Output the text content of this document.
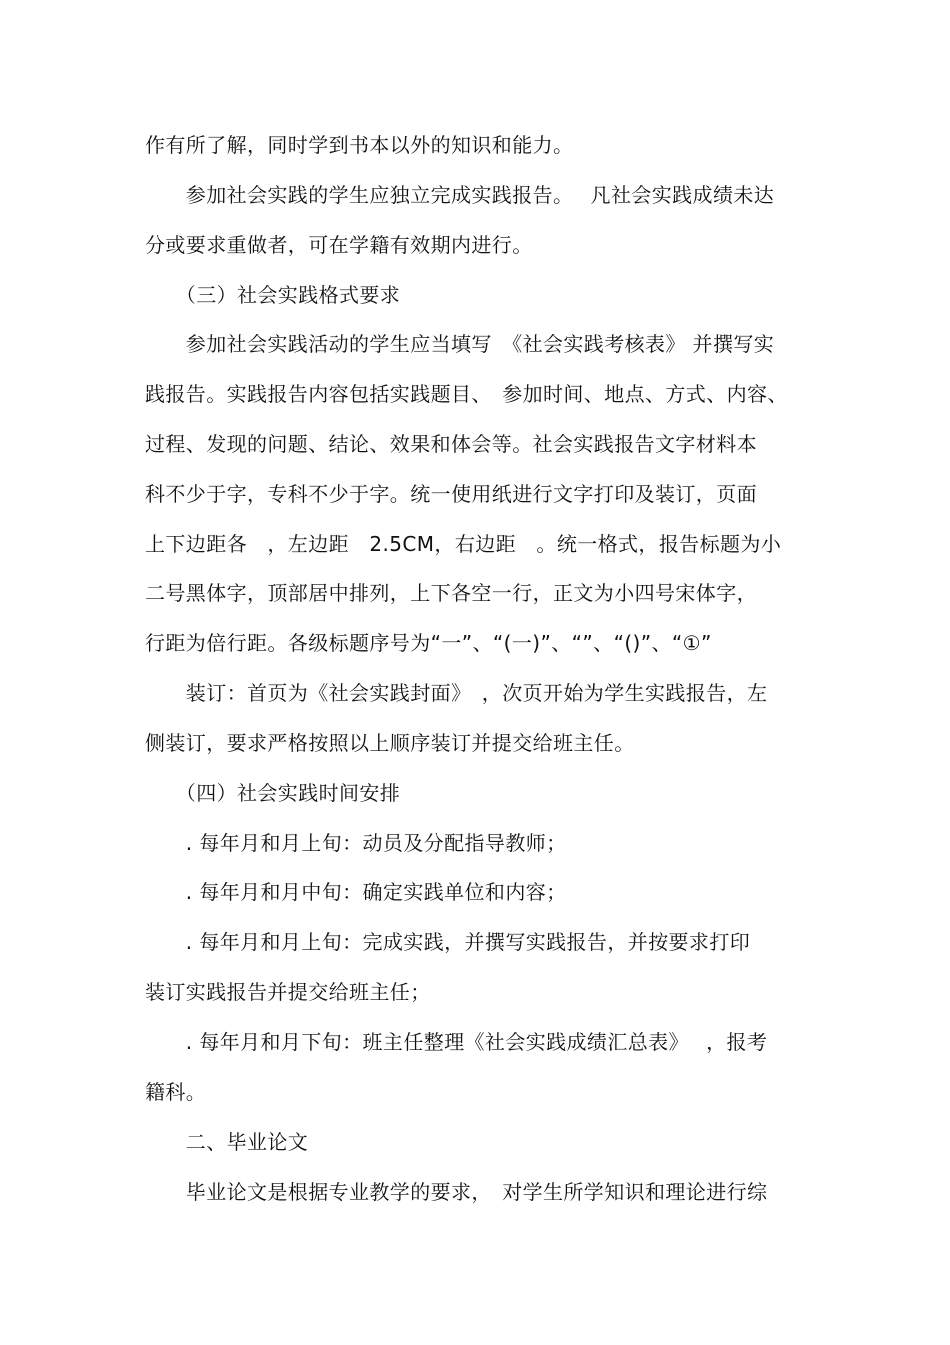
作有所了解，同时学到书本以外的知识和能力。
　　参加社会实践的学生应独立完成实践报告。　 凡社会实践成绩未达
分或要求重做者，可在学籍有效期内进行。
　　（三）社会实践格式要求
　　参加社会实践活动的学生应当填写　《社会实践考核表》 并撰写实
践报告。实践报告内容包括实践题目、　参加时间、地点、方式、内容、
过程、发现的问题、结论、效果和体会等。社会实践报告文字材料本
科不少于字，专科不少于字。统一使用纸进行文字打印及装订，页面
上下边距各　，左边距　2.5CM，右边距　。统一格式，报告标题为小
二号黑体字，顶部居中排列，上下各空一行，正文为小四号宋体字，
行距为倍行距。各级标题序号为“一”、“(一)”、“”、“()”、“①”
　　装订：首页为《社会实践封面》　，次页开始为学生实践报告，左
侧装订，要求严格按照以上顺序装订并提交给班主任。
　　（四）社会实践时间安排
　　. 每年月和月上旬：动员及分配指导教师；
　　. 每年月和月中旬：确定实践单位和内容；
　　. 每年月和月上旬：完成实践，并撰写实践报告，并按要求打印
装订实践报告并提交给班主任；
　　. 每年月和月下旬：班主任整理《社会实践成绩汇总表》　 ，报考
籍科。
　　二、毕业论文
　　毕业论文是根据专业教学的要求，　对学生所学知识和理论进行综
